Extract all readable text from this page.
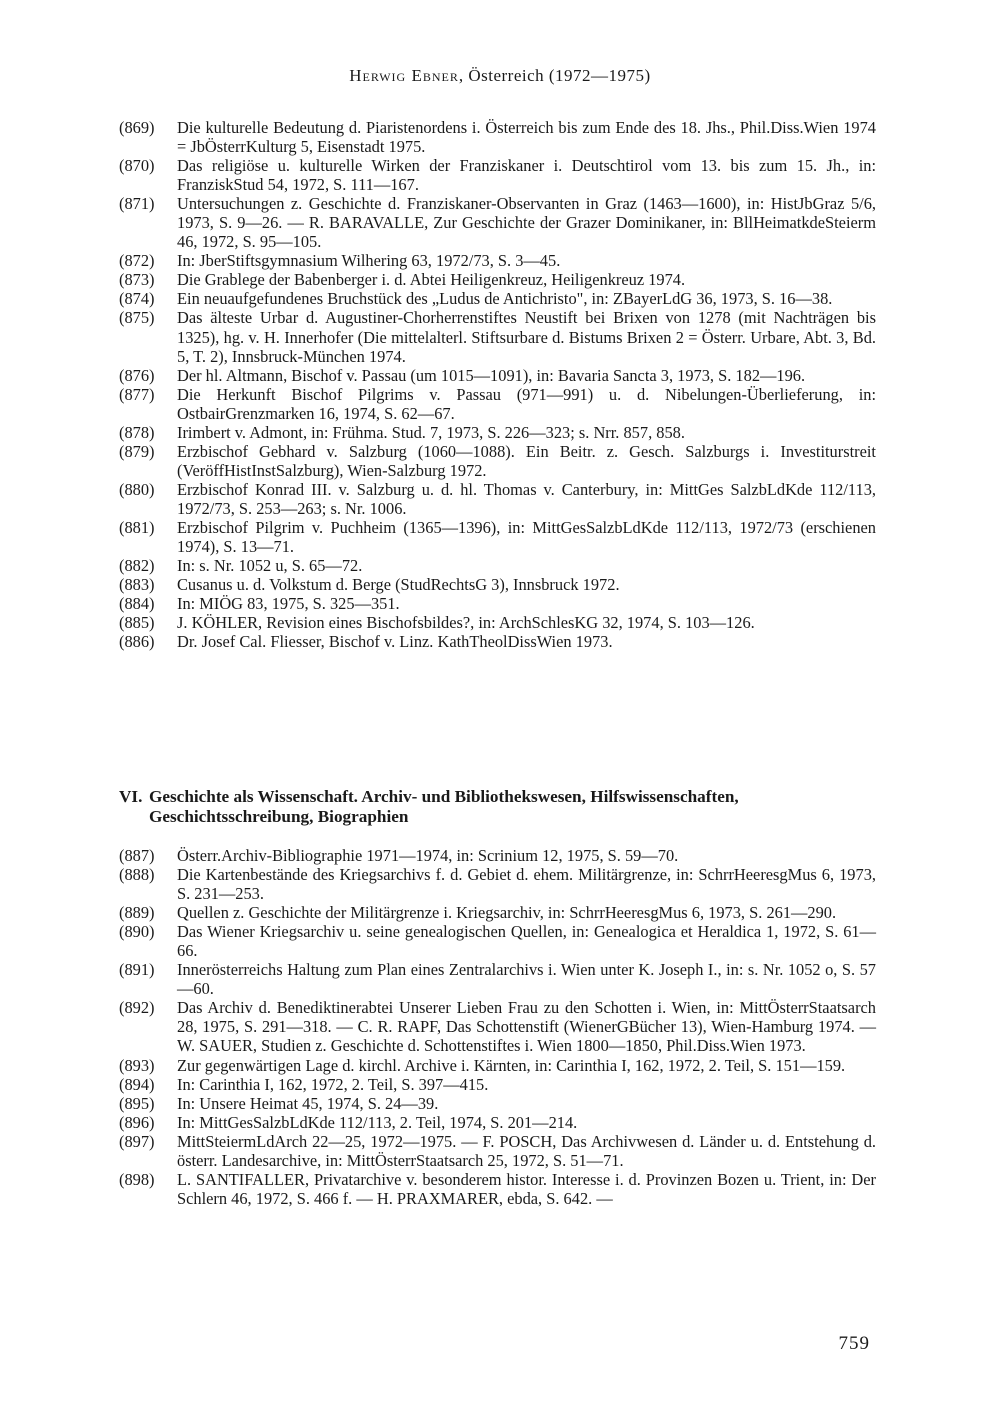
Herwig Ebner, Österreich (1972—1975)
(869) Die kulturelle Bedeutung d. Piaristenordens i. Österreich bis zum Ende des 18. Jhs., Phil.Diss.Wien 1974 = JbÖsterrKulturg 5, Eisenstadt 1975.
(870) Das religiöse u. kulturelle Wirken der Franziskaner i. Deutschtirol vom 13. bis zum 15. Jh., in: FranziskStud 54, 1972, S. 111—167.
(871) Untersuchungen z. Geschichte d. Franziskaner-Observanten in Graz (1463—1600), in: HistJbGraz 5/6, 1973, S. 9—26. — R. BARAVALLE, Zur Geschichte der Grazer Dominikaner, in: BllHeimatkdeSteierm 46, 1972, S. 95—105.
(872) In: JberStiftsgymnasium Wilhering 63, 1972/73, S. 3—45.
(873) Die Grablege der Babenberger i. d. Abtei Heiligenkreuz, Heiligenkreuz 1974.
(874) Ein neuaufgefundenes Bruchstück des „Ludus de Antichristo", in: ZBayerLdG 36, 1973, S. 16—38.
(875) Das älteste Urbar d. Augustiner-Chorherrenstiftes Neustift bei Brixen von 1278 (mit Nachträgen bis 1325), hg. v. H. Innerhofer (Die mittelalterl. Stiftsurbare d. Bistums Brixen 2 = Österr. Urbare, Abt. 3, Bd. 5, T. 2), Innsbruck-München 1974.
(876) Der hl. Altmann, Bischof v. Passau (um 1015—1091), in: Bavaria Sancta 3, 1973, S. 182—196.
(877) Die Herkunft Bischof Pilgrims v. Passau (971—991) u. d. Nibelungen-Überlieferung, in: OstbairGrenzmarken 16, 1974, S. 62—67.
(878) Irimbert v. Admont, in: Frühma. Stud. 7, 1973, S. 226—323; s. Nrr. 857, 858.
(879) Erzbischof Gebhard v. Salzburg (1060—1088). Ein Beitr. z. Gesch. Salzburgs i. Investiturstreit (VeröffHistInstSalzburg), Wien-Salzburg 1972.
(880) Erzbischof Konrad III. v. Salzburg u. d. hl. Thomas v. Canterbury, in: MittGes SalzbLdKde 112/113, 1972/73, S. 253—263; s. Nr. 1006.
(881) Erzbischof Pilgrim v. Puchheim (1365—1396), in: MittGesSalzbLdKde 112/113, 1972/73 (erschienen 1974), S. 13—71.
(882) In: s. Nr. 1052 u, S. 65—72.
(883) Cusanus u. d. Volkstum d. Berge (StudRechtsG 3), Innsbruck 1972.
(884) In: MIÖG 83, 1975, S. 325—351.
(885) J. KÖHLER, Revision eines Bischofsbildes?, in: ArchSchlesKG 32, 1974, S. 103—126.
(886) Dr. Josef Cal. Fliesser, Bischof v. Linz. KathTheolDissWien 1973.
VI. Geschichte als Wissenschaft. Archiv- und Bibliothekswesen, Hilfswissenschaften, Geschichtsschreibung, Biographien
(887) Österr.Archiv-Bibliographie 1971—1974, in: Scrinium 12, 1975, S. 59—70.
(888) Die Kartenbestände des Kriegsarchivs f. d. Gebiet d. ehem. Militärgrenze, in: SchrrHeeresgMus 6, 1973, S. 231—253.
(889) Quellen z. Geschichte der Militärgrenze i. Kriegsarchiv, in: SchrrHeeresgMus 6, 1973, S. 261—290.
(890) Das Wiener Kriegsarchiv u. seine genealogischen Quellen, in: Genealogica et Heraldica 1, 1972, S. 61—66.
(891) Innerösterreichs Haltung zum Plan eines Zentralarchivs i. Wien unter K. Joseph I., in: s. Nr. 1052 o, S. 57—60.
(892) Das Archiv d. Benediktinerabtei Unserer Lieben Frau zu den Schotten i. Wien, in: MittÖsterrStaatsarch 28, 1975, S. 291—318. — C. R. RAPF, Das Schottenstift (WienerGBücher 13), Wien-Hamburg 1974. — W. SAUER, Studien z. Geschichte d. Schottenstiftes i. Wien 1800—1850, Phil.Diss.Wien 1973.
(893) Zur gegenwärtigen Lage d. kirchl. Archive i. Kärnten, in: Carinthia I, 162, 1972, 2. Teil, S. 151—159.
(894) In: Carinthia I, 162, 1972, 2. Teil, S. 397—415.
(895) In: Unsere Heimat 45, 1974, S. 24—39.
(896) In: MittGesSalzbLdKde 112/113, 2. Teil, 1974, S. 201—214.
(897) MittSteiermLdArch 22—25, 1972—1975. — F. POSCH, Das Archivwesen d. Länder u. d. Entstehung d. österr. Landesarchive, in: MittÖsterrStaatsarch 25, 1972, S. 51—71.
(898) L. SANTIFALLER, Privatarchive v. besonderem histor. Interesse i. d. Provinzen Bozen u. Trient, in: Der Schlern 46, 1972, S. 466 f. — H. PRAXMARER, ebda, S. 642. —
759
